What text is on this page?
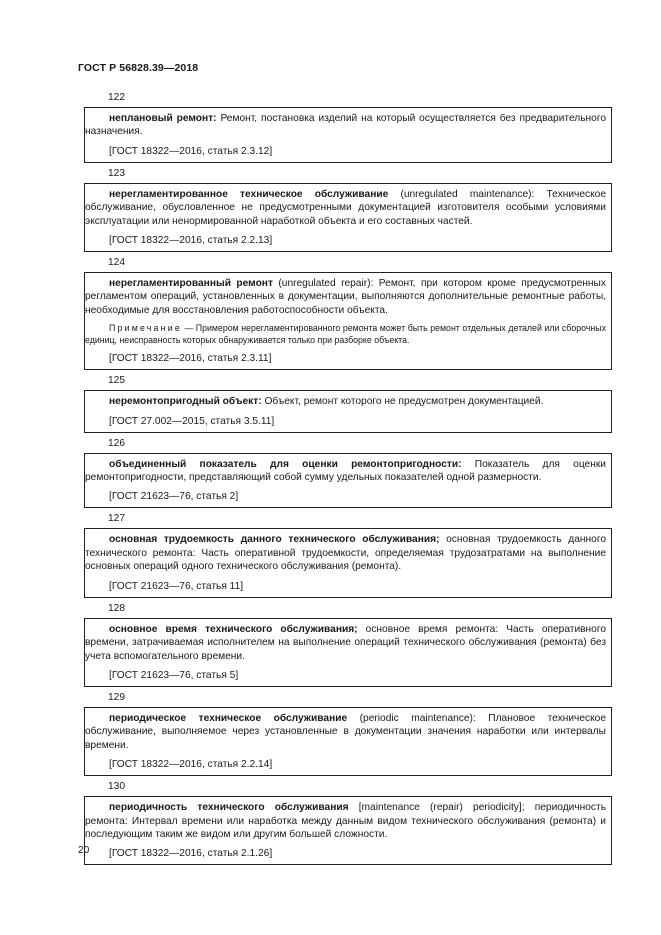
ГОСТ Р 56828.39—2018
122
неплановый ремонт: Ремонт, постановка изделий на который осуществляется без предварительного назначения.
[ГОСТ 18322—2016, статья 2.3.12]
123
нерегламентированное техническое обслуживание (unregulated maintenance): Техническое обслуживание, обусловленное не предусмотренными документацией изготовителя особыми условиями эксплуатации или ненормированной наработкой объекта и его составных частей.
[ГОСТ 18322—2016, статья 2.2.13]
124
нерегламентированный ремонт (unregulated repair): Ремонт, при котором кроме предусмотренных регламентом операций, установленных в документации, выполняются дополнительные ремонтные работы, необходимые для восстановления работоспособности объекта.
Примечание — Примером нерегламентированного ремонта может быть ремонт отдельных деталей или сборочных единиц, неисправность которых обнаруживается только при разборке объекта.
[ГОСТ 18322—2016, статья 2.3.11]
125
неремонтопригодный объект: Объект, ремонт которого не предусмотрен документацией.
[ГОСТ 27.002—2015, статья 3.5.11]
126
объединенный показатель для оценки ремонтопригодности: Показатель для оценки ремонтопригодности, представляющий собой сумму удельных показателей одной размерности.
[ГОСТ 21623—76, статья 2]
127
основная трудоемкость данного технического обслуживания; основная трудоемкость данного технического ремонта: Часть оперативной трудоемкости, определяемая трудозатратами на выполнение основных операций одного технического обслуживания (ремонта).
[ГОСТ 21623—76, статья 11]
128
основное время технического обслуживания; основное время ремонта: Часть оперативного времени, затрачиваемая исполнителем на выполнение операций технического обслуживания (ремонта) без учета вспомогательного времени.
[ГОСТ 21623—76, статья 5]
129
периодическое техническое обслуживание (periodic maintenance): Плановое техническое обслуживание, выполняемое через установленные в документации значения наработки или интервалы времени.
[ГОСТ 18322—2016, статья 2.2.14]
130
периодичность технического обслуживания [maintenance (repair) periodicity]; периодичность ремонта: Интервал времени или наработка между данным видом технического обслуживания (ремонта) и последующим таким же видом или другим большей сложности.
[ГОСТ 18322—2016, статья 2.1.26]
20
